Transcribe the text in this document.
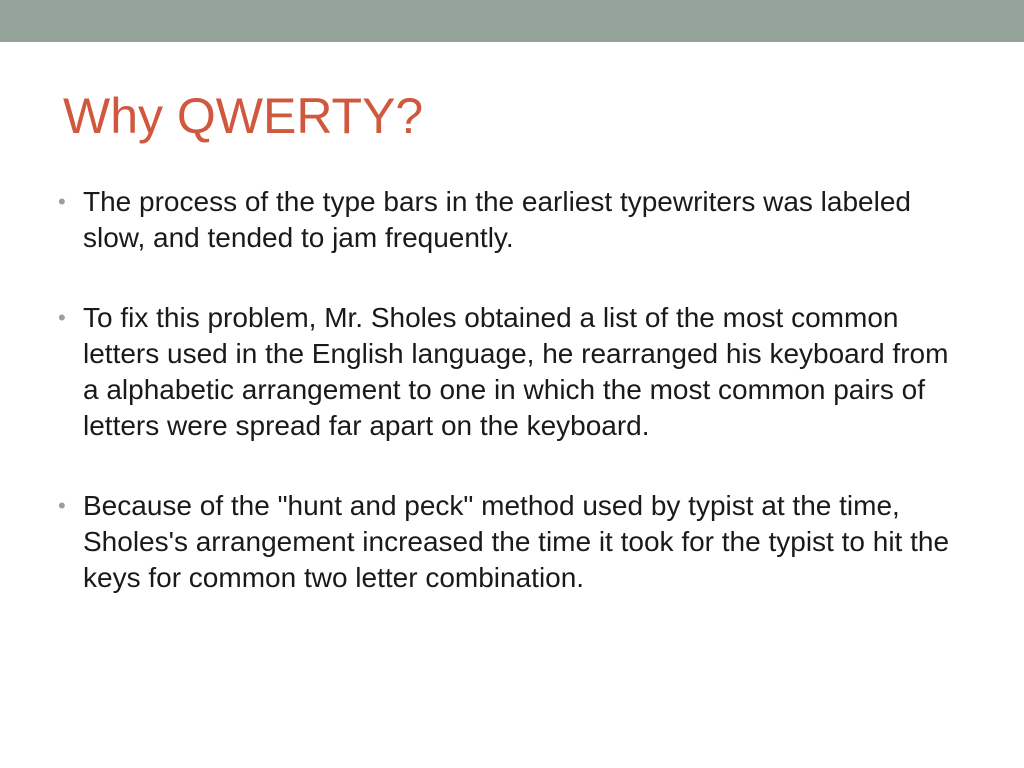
Why QWERTY?
• The process of the type bars in the earliest typewriters was labeled slow, and tended to jam frequently.
• To fix this problem, Mr. Sholes obtained a list of the most common letters used in the English language, he rearranged his keyboard from a alphabetic arrangement to one in which the most common pairs of letters were spread far apart on the keyboard.
• Because of the "hunt and peck" method used by typist at the time, Sholes's arrangement increased the time it took for the typist to hit the keys for common two letter combination.
